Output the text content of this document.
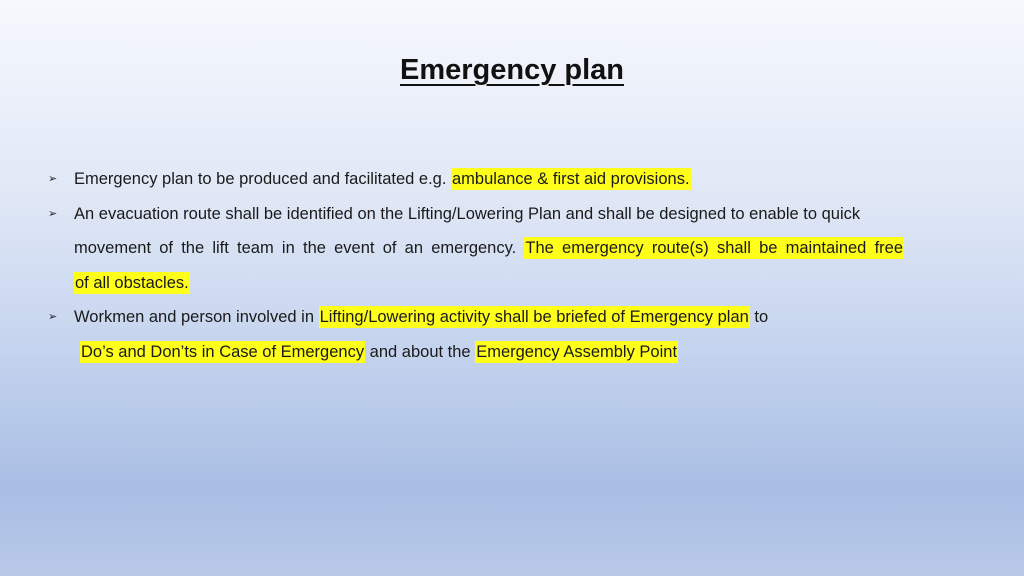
Emergency plan
➢ Emergency plan to be produced and facilitated e.g. ambulance & first aid provisions.
➢ An evacuation route shall be identified on the Lifting/Lowering Plan and shall be designed to enable to quick
movement of the lift team in the event of an emergency. The emergency route(s) shall be maintained free
of all obstacles.
➢ Workmen and person involved in Lifting/Lowering activity shall be briefed of Emergency plan to
Do’s and Don’ts in Case of Emergency and about the Emergency Assembly Point
